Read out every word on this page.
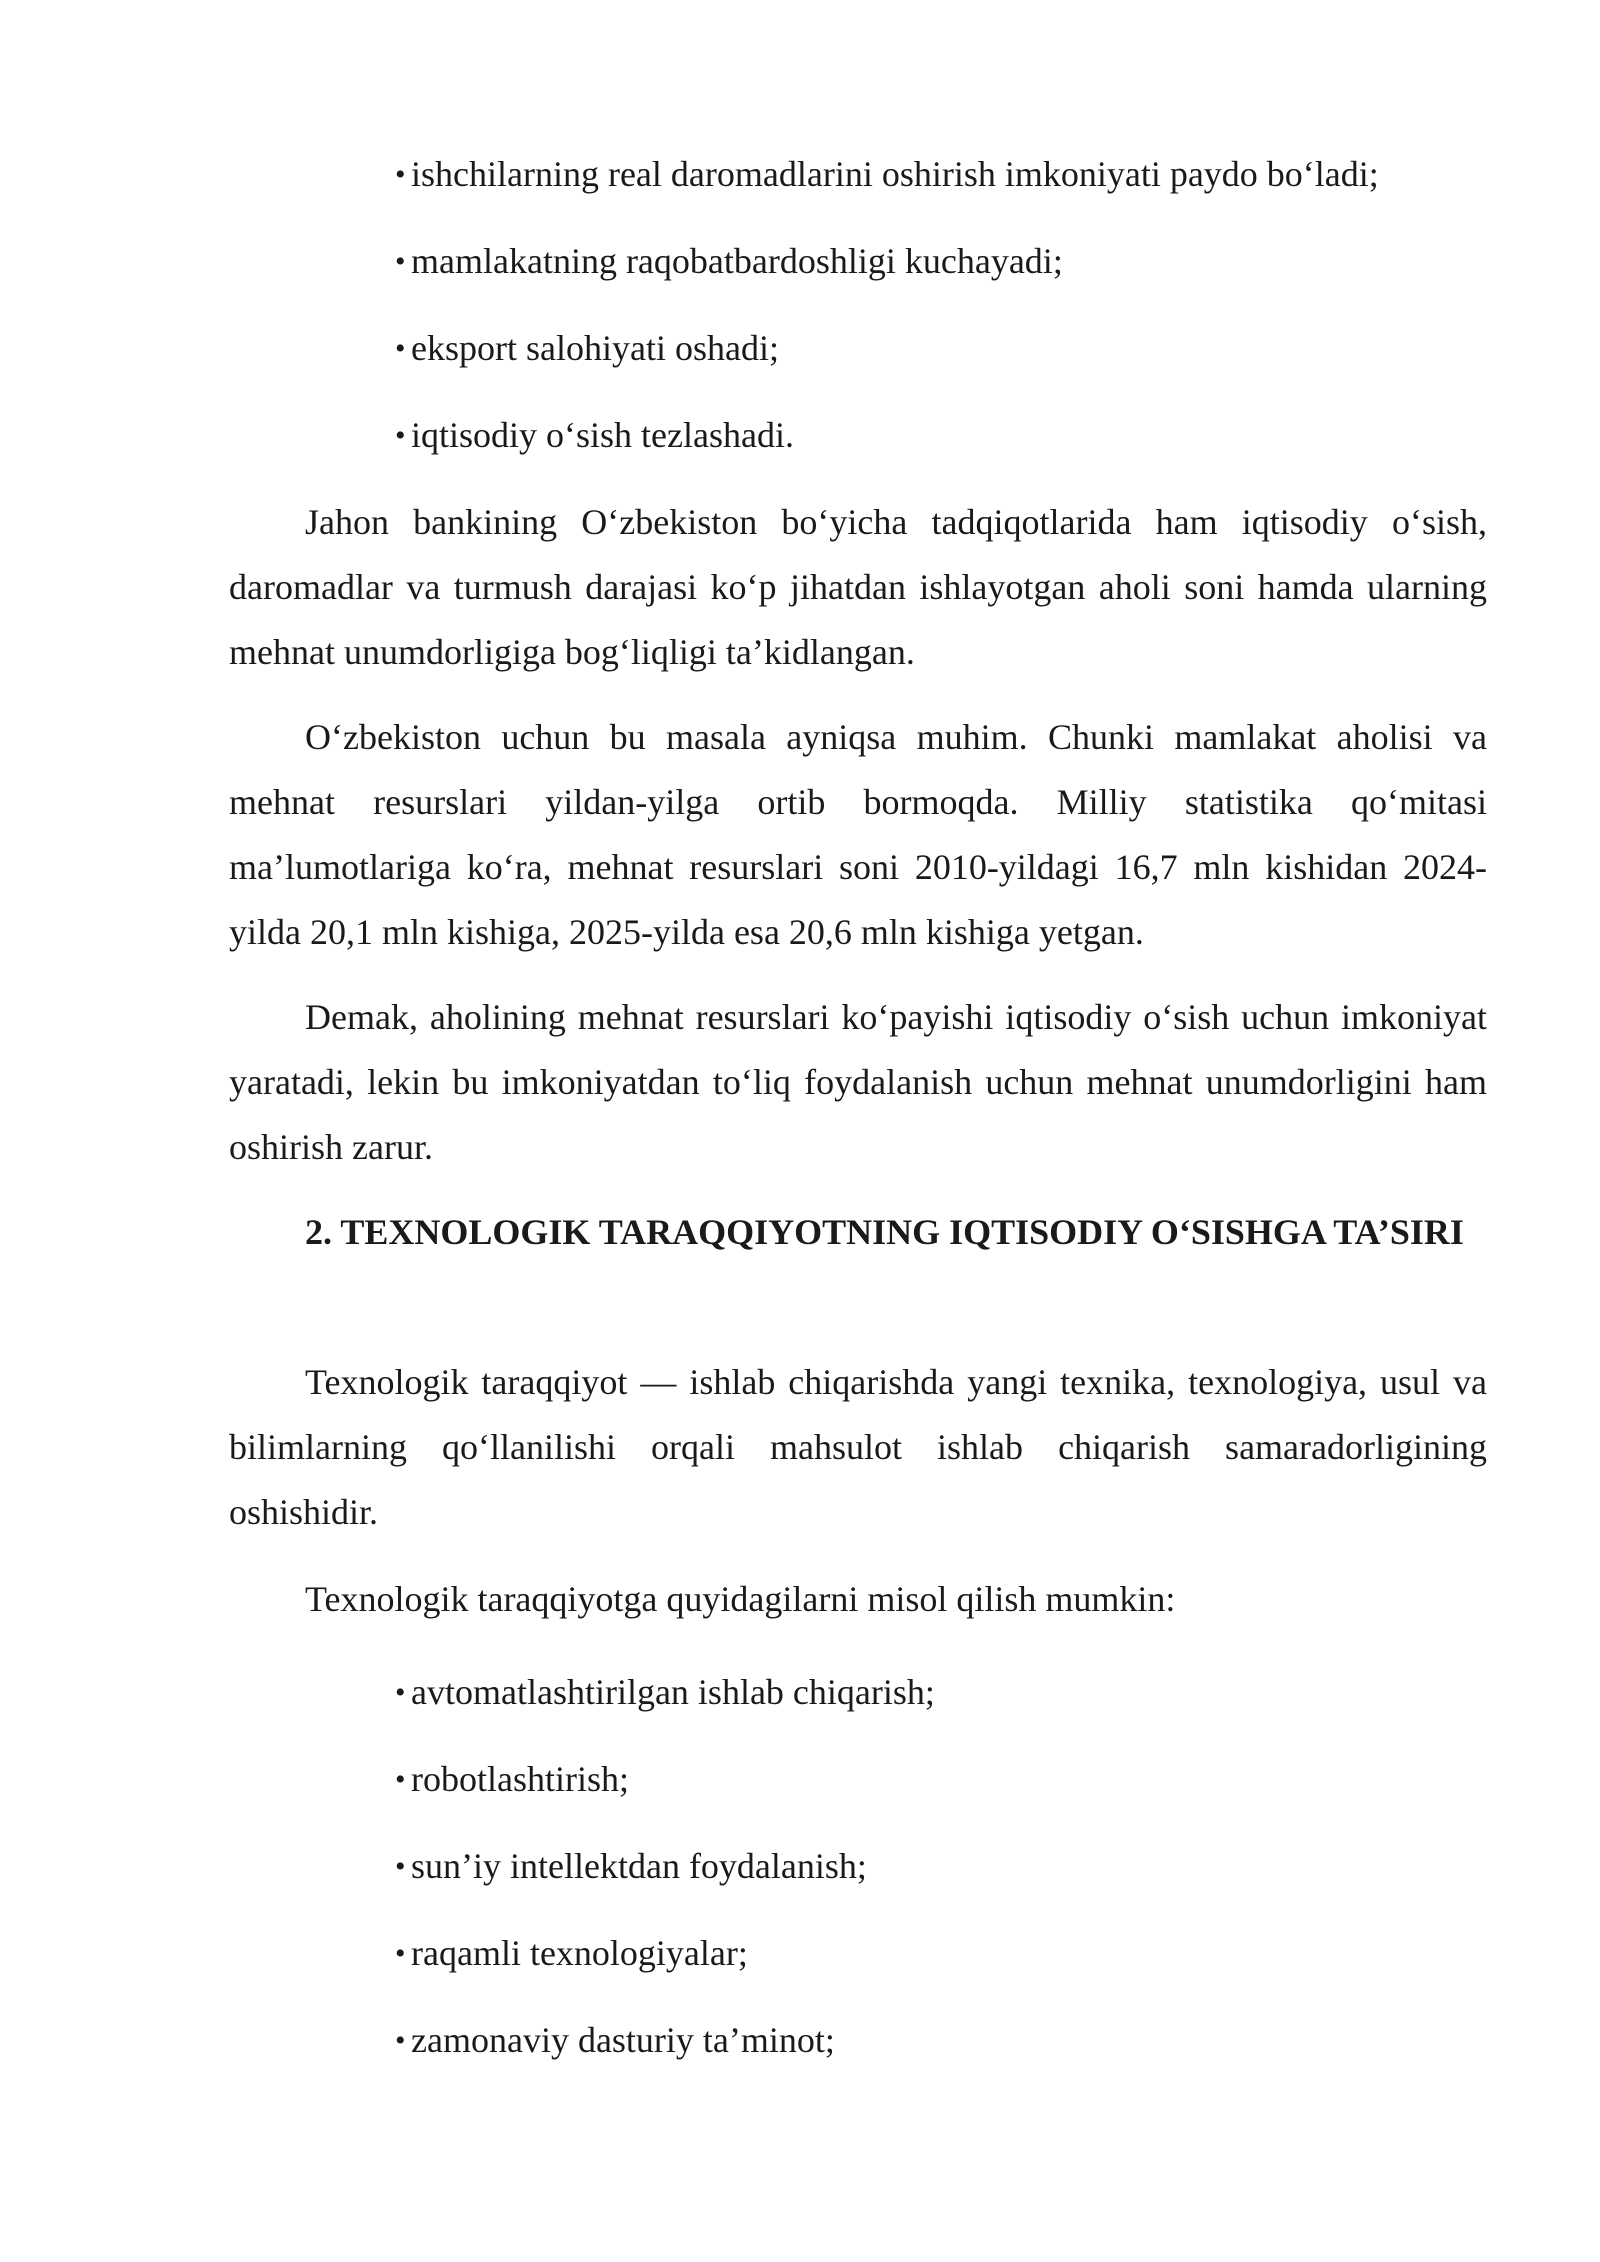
• ishchilarning real daromadlarini oshirish imkoniyati paydo bo‘ladi;
• mamlakatning raqobatbardoshligi kuchayadi;
• eksport salohiyati oshadi;
• iqtisodiy o‘sish tezlashadi.

Jahon bankining O‘zbekiston bo‘yicha tadqiqotlarida ham iqtisodiy o‘sish, daromadlar va turmush darajasi ko‘p jihatdan ishlayotgan aholi soni hamda ularning mehnat unumdorligiga bog‘liqligi ta’kidlangan.

O‘zbekiston uchun bu masala ayniqsa muhim. Chunki mamlakat aholisi va mehnat resurslari yildan-yilga ortib bormoqda. Milliy statistika qo‘mitasi ma’lumotlariga ko‘ra, mehnat resurslari soni 2010-yildagi 16,7 mln kishidan 2024-yilda 20,1 mln kishiga, 2025-yilda esa 20,6 mln kishiga yetgan.

Demak, aholining mehnat resurslari ko‘payishi iqtisodiy o‘sish uchun imkoniyat yaratadi, lekin bu imkoniyatdan to‘liq foydalanish uchun mehnat unumdorligini ham oshirish zarur.

2. TEXNOLOGIK TARAQQIYOTNING IQTISODIY O‘SISHGA TA’SIRI

Texnologik taraqqiyot — ishlab chiqarishda yangi texnika, texnologiya, usul va bilimlarning qo‘llanilishi orqali mahsulot ishlab chiqarish samaradorligining oshishidir.

Texnologik taraqqiyotga quyidagilarni misol qilish mumkin:

• avtomatlashtirilgan ishlab chiqarish;
• robotlashtirish;
• sun’iy intellektdan foydalanish;
• raqamli texnologiyalar;
• zamonaviy dasturiy ta’minot;
